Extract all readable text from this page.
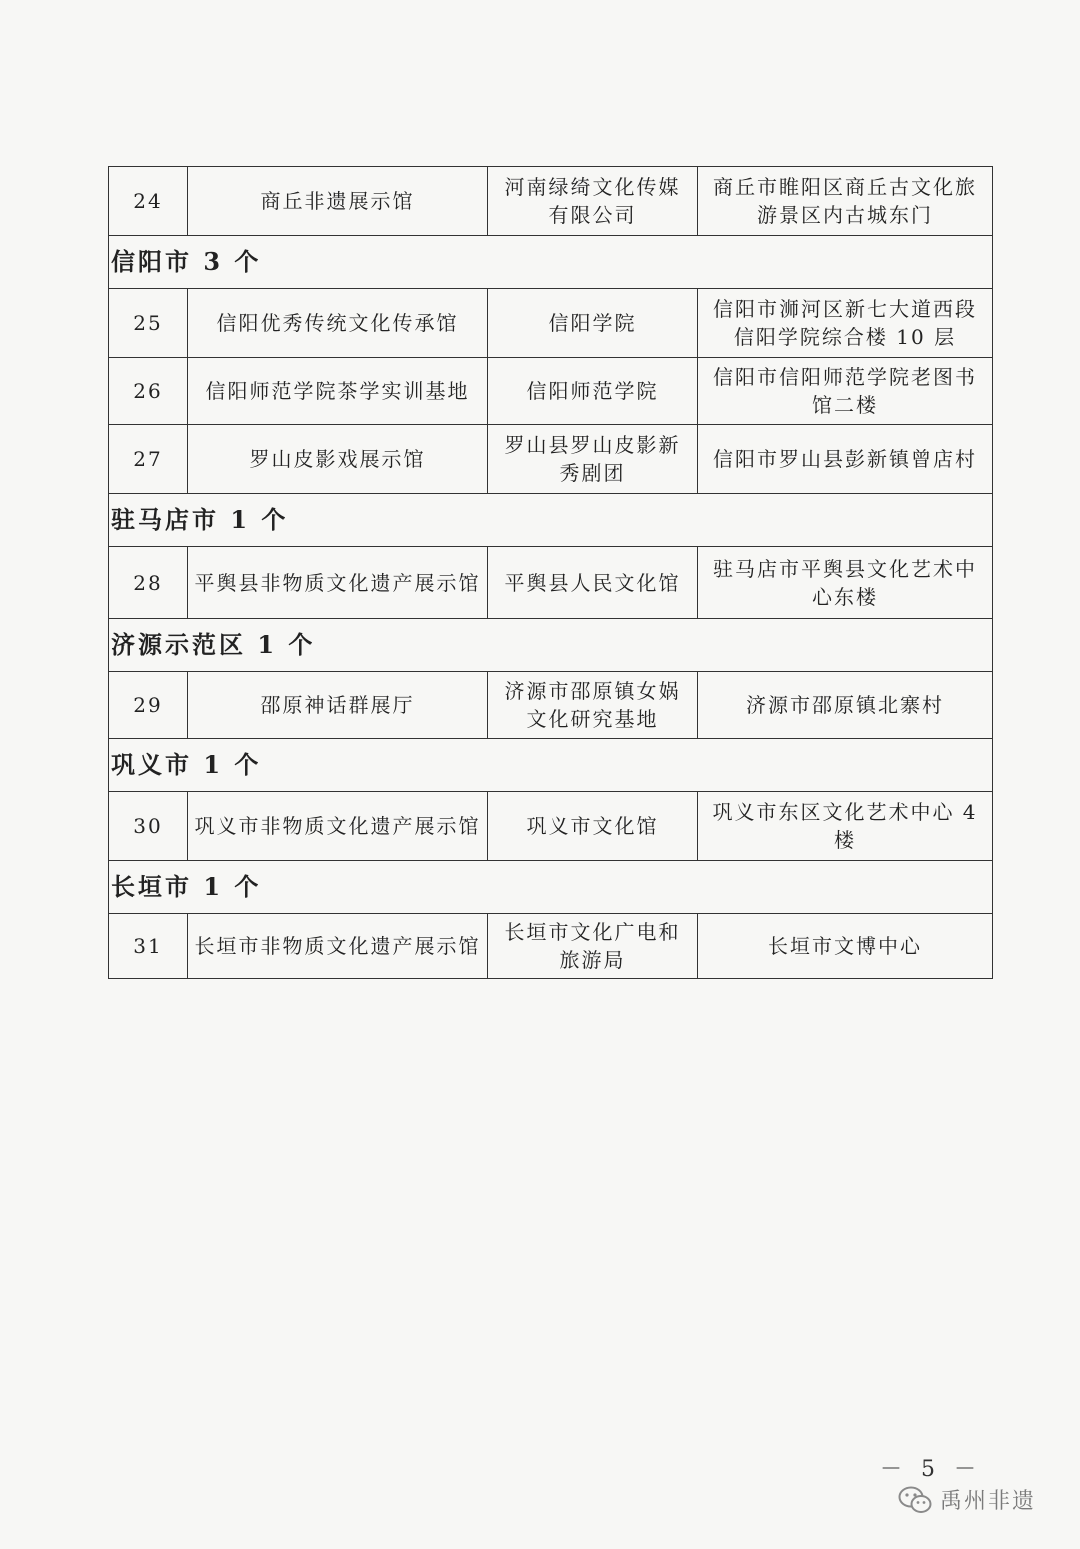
24	商丘非遗展示馆	河南绿绮文化传媒有限公司	商丘市睢阳区商丘古文化旅游景区内古城东门
信阳市 3 个			
25	信阳优秀传统文化传承馆	信阳学院	信阳市浉河区新七大道西段信阳学院综合楼 10 层
26	信阳师范学院茶学实训基地	信阳师范学院	信阳市信阳师范学院老图书馆二楼
27	罗山皮影戏展示馆	罗山县罗山皮影新秀剧团	信阳市罗山县彭新镇曾店村
驻马店市 1 个			
28	平舆县非物质文化遗产展示馆	平舆县人民文化馆	驻马店市平舆县文化艺术中心东楼
济源示范区 1 个			
29	邵原神话群展厅	济源市邵原镇女娲文化研究基地	济源市邵原镇北寨村
巩义市 1 个			
30	巩义市非物质文化遗产展示馆	巩义市文化馆	巩义市东区文化艺术中心 4 楼
长垣市 1 个			
31	长垣市非物质文化遗产展示馆	长垣市文化广电和旅游局	长垣市文博中心
－ 5 －
禹州非遗
